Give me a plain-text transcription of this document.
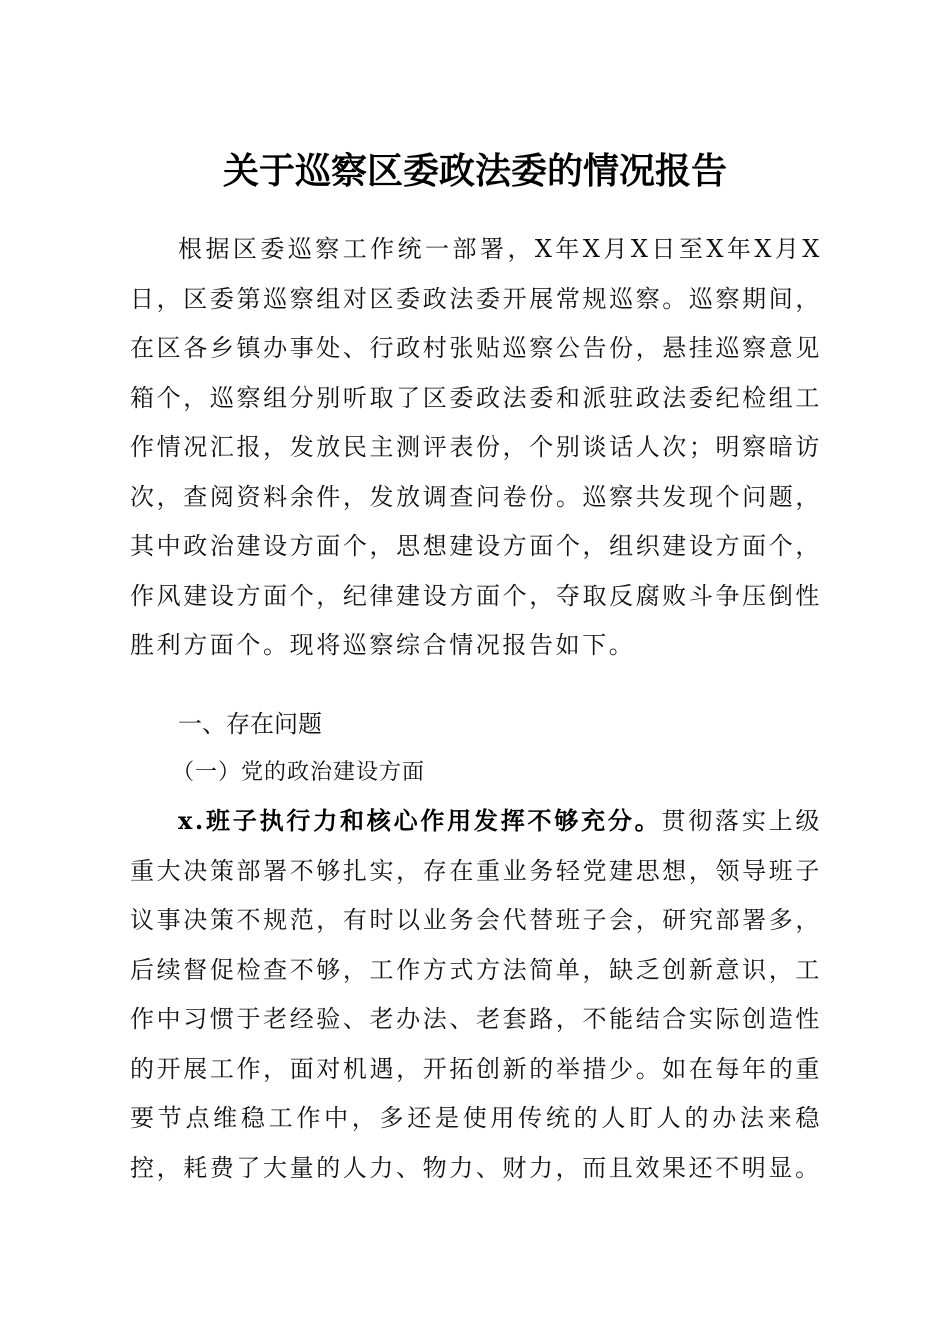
关于巡察区委政法委的情况报告
根据区委巡察工作统一部署，X年X月X日至X年X月X日，区委第巡察组对区委政法委开展常规巡察。巡察期间，在区各乡镇办事处、行政村张贴巡察公告份，悬挂巡察意见箱个，巡察组分别听取了区委政法委和派驻政法委纪检组工作情况汇报，发放民主测评表份，个别谈话人次；明察暗访次，查阅资料余件，发放调查问卷份。巡察共发现个问题，其中政治建设方面个，思想建设方面个，组织建设方面个，作风建设方面个，纪律建设方面个，夺取反腐败斗争压倒性胜利方面个。现将巡察综合情况报告如下。
一、存在问题
（一）党的政治建设方面
x.班子执行力和核心作用发挥不够充分。贯彻落实上级重大决策部署不够扎实，存在重业务轻党建思想，领导班子议事决策不规范，有时以业务会代替班子会，研究部署多，后续督促检查不够，工作方式方法简单，缺乏创新意识，工作中习惯于老经验、老办法、老套路，不能结合实际创造性的开展工作，面对机遇，开拓创新的举措少。如在每年的重要节点维稳工作中，多还是使用传统的人盯人的办法来稳控，耗费了大量的人力、物力、财力，而且效果还不明显。
